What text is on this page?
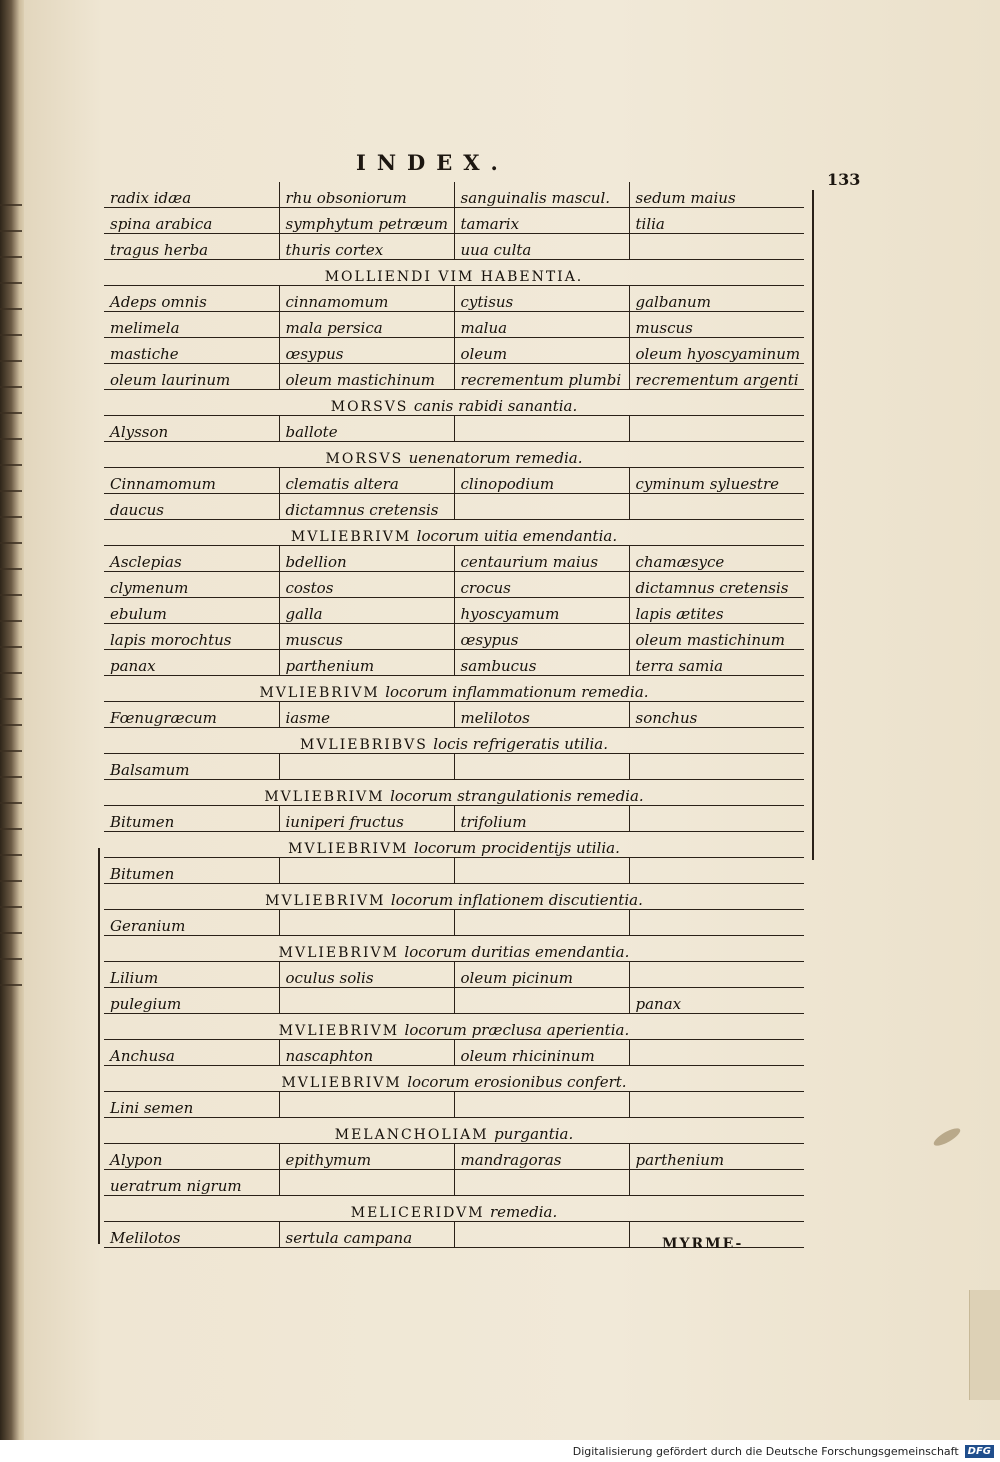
INDEX.
133
radix idæa	rhu obsoniorum	sanguinalis mascul.	sedum maius
spina arabica	symphytum petræum	tamarix	tilia
tragus herba	thuris cortex	uua culta	
MOLLIENDI VIM HABENTIA.			
Adeps omnis	cinnamomum	cytisus	galbanum
melimela	mala persica	malua	muscus
mastiche	œsypus	oleum	oleum hyoscyaminum
oleum laurinum	oleum mastichinum	recrementum plumbi	recrementum argenti
MORSVS canis rabidi sanantia.			
Alysson	ballote		
MORSVS uenenatorum remedia.			
Cinnamomum	clematis altera	clinopodium	cyminum syluestre
daucus	dictamnus cretensis		
MVLIEBRIVM locorum uitia emendantia.			
Asclepias	bdellion	centaurium maius	chamæsyce
clymenum	costos	crocus	dictamnus cretensis
ebulum	galla	hyoscyamum	lapis ætites
lapis morochtus	muscus	œsypus	oleum mastichinum
panax	parthenium	sambucus	terra samia
MVLIEBRIVM locorum inflammationum remedia.			
Fœnugræcum	iasme	melilotos	sonchus
MVLIEBRIBVS locis refrigeratis utilia.			
Balsamum			
MVLIEBRIVM locorum strangulationis remedia.			
Bitumen	iuniperi fructus	trifolium	
MVLIEBRIVM locorum procidentijs utilia.			
Bitumen			
MVLIEBRIVM locorum inflationem discutientia.			
Geranium			
MVLIEBRIVM locorum duritias emendantia.			
Lilium	oculus solis	oleum picinum	
pulegium			panax
MVLIEBRIVM locorum præclusa aperientia.			
Anchusa	nascaphton	oleum rhicininum	
MVLIEBRIVM locorum erosionibus confert.			
Lini semen			
MELANCHOLIAM purgantia.			
Alypon	epithymum	mandragoras	parthenium
ueratrum nigrum			
MELICERIDVM remedia.			
Melilotos	sertula campana			MYRME-
Digitalisierung gefördert durch die Deutsche Forschungsgemeinschaft DFG
